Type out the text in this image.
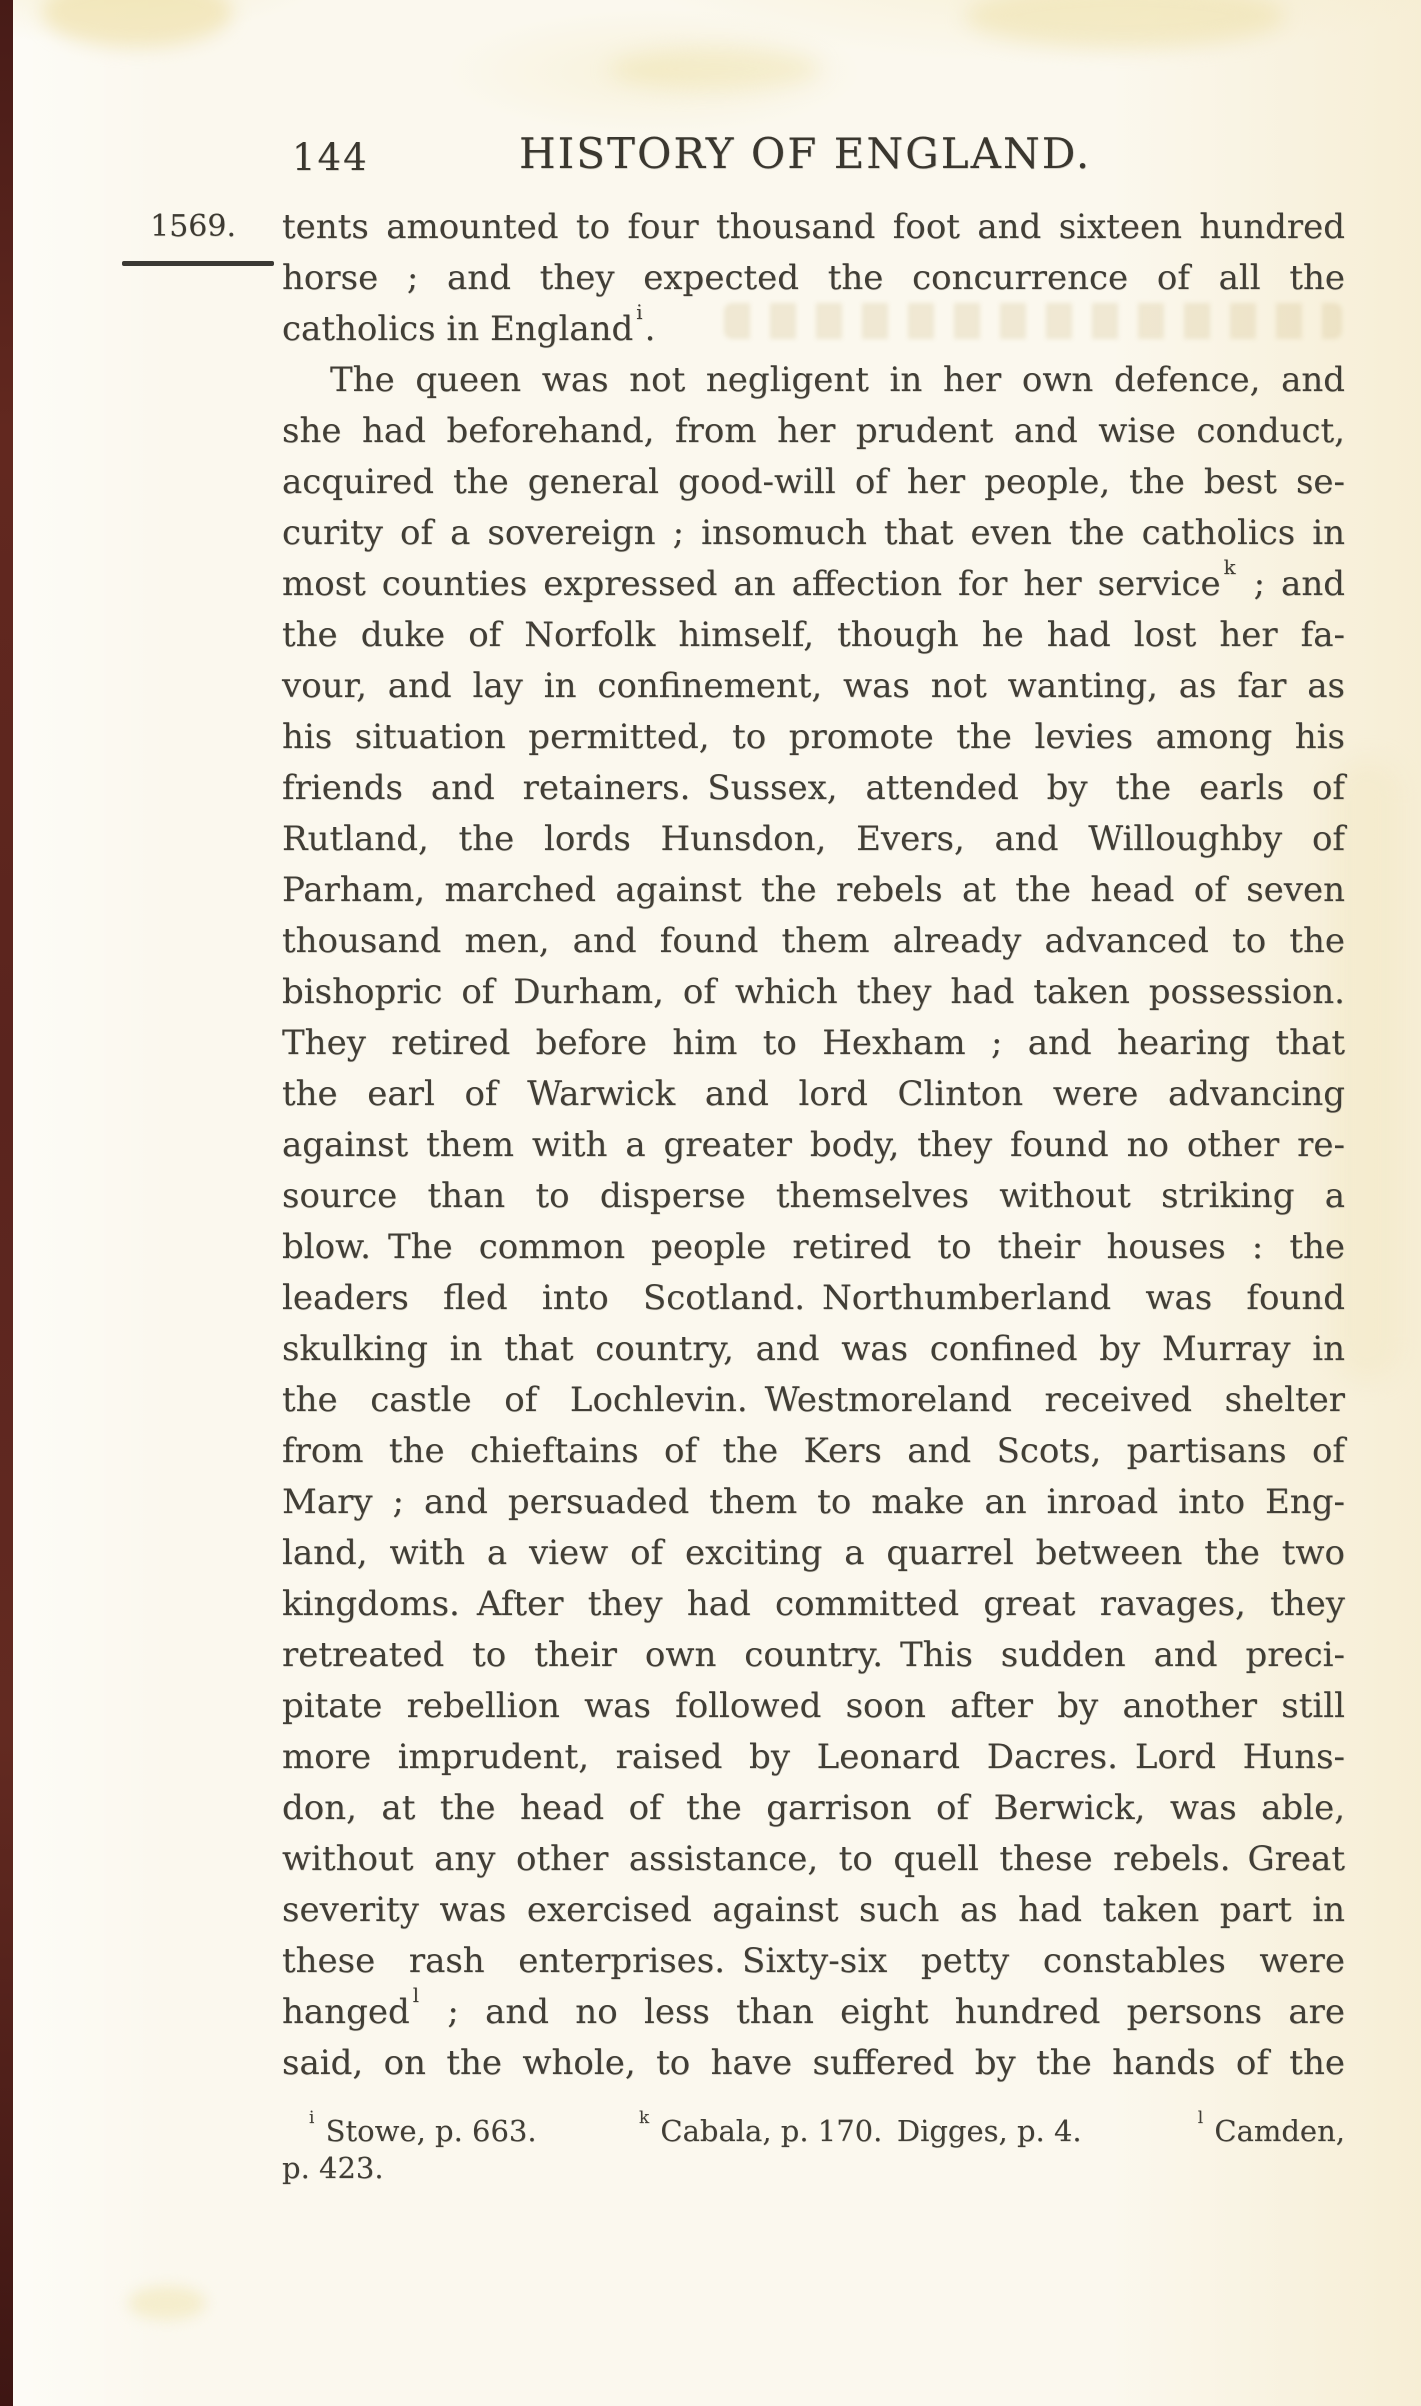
144	HISTORY OF ENGLAND.
1569. tents amounted to four thousand foot and sixteen hundred
horse ; and they expected the concurrence of all the
catholics in England $^i$.
The queen was not negligent in her own defence, and
she had beforehand, from her prudent and wise conduct,
acquired the general good-will of her people, the best se-
curity of a sovereign ; insomuch that even the catholics in
most counties expressed an affection for her service $^k$ ; and
the duke of Norfolk himself, though he had lost her fa-
vour, and lay in confinement, was not wanting, as far as
his situation permitted, to promote the levies among his
friends and retainers. Sussex, attended by the earls of
Rutland, the lords Hunsdon, Evers, and Willoughby of
Parham, marched against the rebels at the head of seven
thousand men, and found them already advanced to the
bishopric of Durham, of which they had taken possession.
They retired before him to Hexham ; and hearing that
the earl of Warwick and lord Clinton were advancing
against them with a greater body, they found no other re-
source than to disperse themselves without striking a
blow. The common people retired to their houses : the
leaders fled into Scotland. Northumberland was found
skulking in that country, and was confined by Murray in
the castle of Lochlevin. Westmoreland received shelter
from the chieftains of the Kers and Scots, partisans of
Mary ; and persuaded them to make an inroad into Eng-
land, with a view of exciting a quarrel between the two
kingdoms. After they had committed great ravages, they
retreated to their own country. This sudden and preci-
pitate rebellion was followed soon after by another still
more imprudent, raised by Leonard Dacres. Lord Huns-
don, at the head of the garrison of Berwick, was able,
without any other assistance, to quell these rebels. Great
severity was exercised against such as had taken part in
these rash enterprises. Sixty-six petty constables were
hanged $^l$ ; and no less than eight hundred persons are
said, on the whole, to have suffered by the hands of the
p. 423.
$^i$ Stowe, p. 663.	$^k$ Cabala, p. 170. Digges, p. 4.	$^l$ Camden,
